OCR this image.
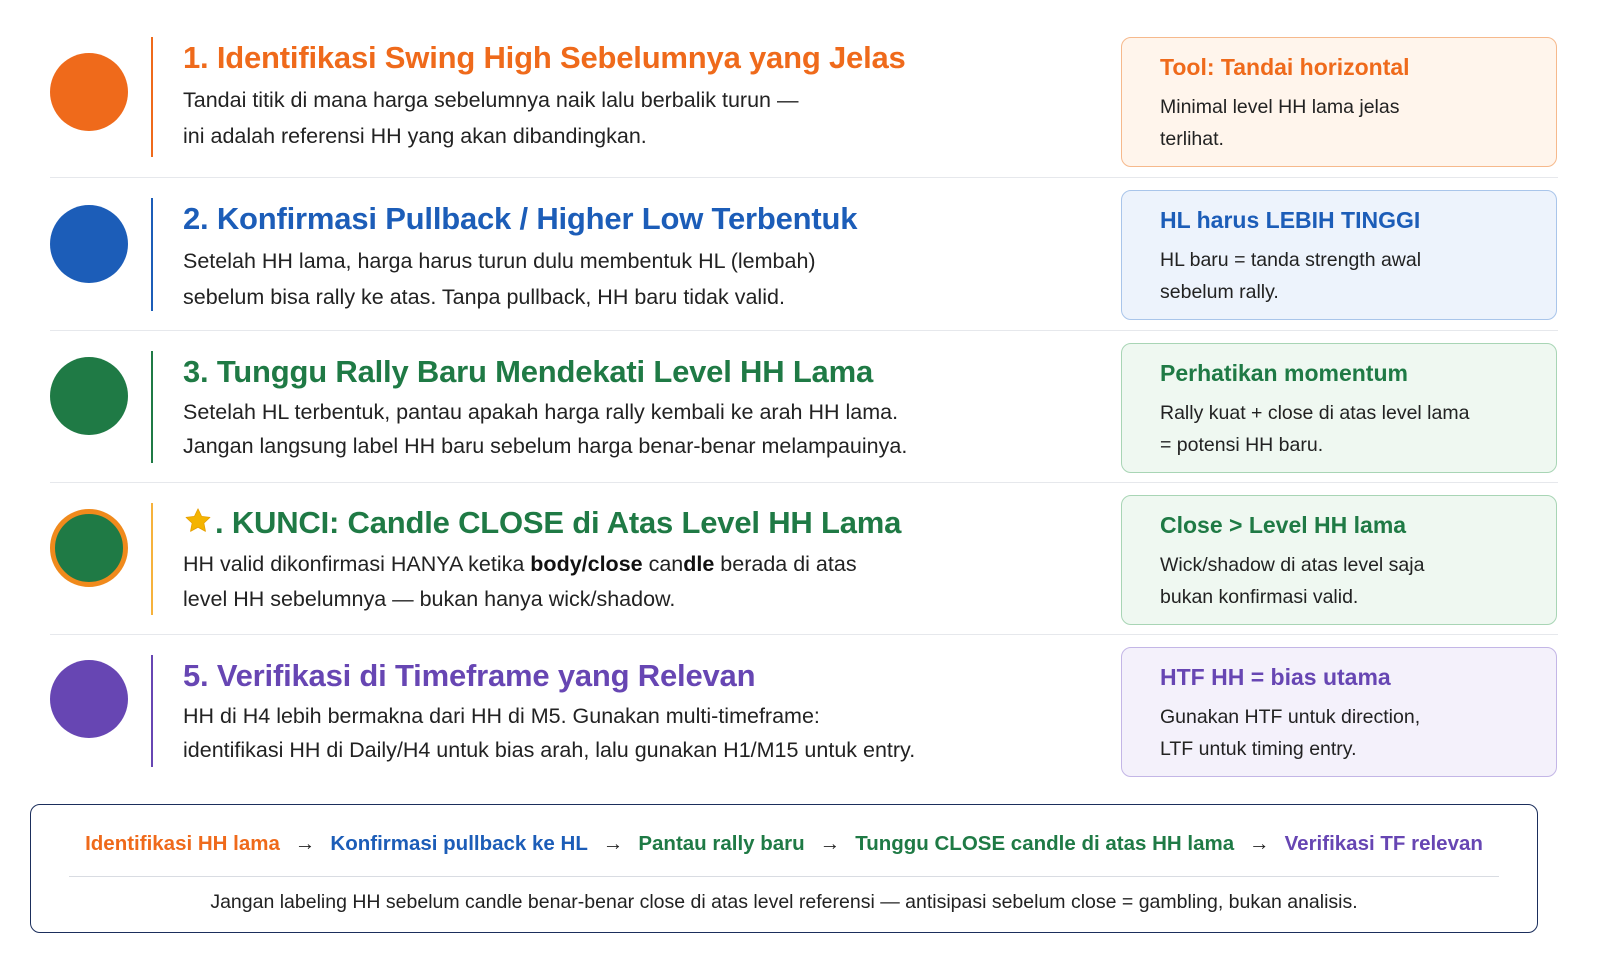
1. Identifikasi Swing High Sebelumnya yang Jelas
Tandai titik di mana harga sebelumnya naik lalu berbalik turun —
ini adalah referensi HH yang akan dibandingkan.
Tool: Tandai horizontal
Minimal level HH lama jelas
terlihat.
2. Konfirmasi Pullback / Higher Low Terbentuk
Setelah HH lama, harga harus turun dulu membentuk HL (lembah)
sebelum bisa rally ke atas. Tanpa pullback, HH baru tidak valid.
HL harus LEBIH TINGGI
HL baru = tanda strength awal
sebelum rally.
3. Tunggu Rally Baru Mendekati Level HH Lama
Setelah HL terbentuk, pantau apakah harga rally kembali ke arah HH lama.
Jangan langsung label HH baru sebelum harga benar-benar melampauinya.
Perhatikan momentum
Rally kuat + close di atas level lama
= potensi HH baru.
. KUNCI: Candle CLOSE di Atas Level HH Lama
HH valid dikonfirmasi HANYA ketika body/close candle berada di atas
level HH sebelumnya — bukan hanya wick/shadow.
Close > Level HH lama
Wick/shadow di atas level saja
bukan konfirmasi valid.
5. Verifikasi di Timeframe yang Relevan
HH di H4 lebih bermakna dari HH di M5. Gunakan multi-timeframe:
identifikasi HH di Daily/H4 untuk bias arah, lalu gunakan H1/M15 untuk entry.
HTF HH = bias utama
Gunakan HTF untuk direction,
LTF untuk timing entry.
Identifikasi HH lama → Konfirmasi pullback ke HL → Pantau rally baru → Tunggu CLOSE candle di atas HH lama → Verifikasi TF relevan
Jangan labeling HH sebelum candle benar-benar close di atas level referensi — antisipasi sebelum close = gambling, bukan analisis.
